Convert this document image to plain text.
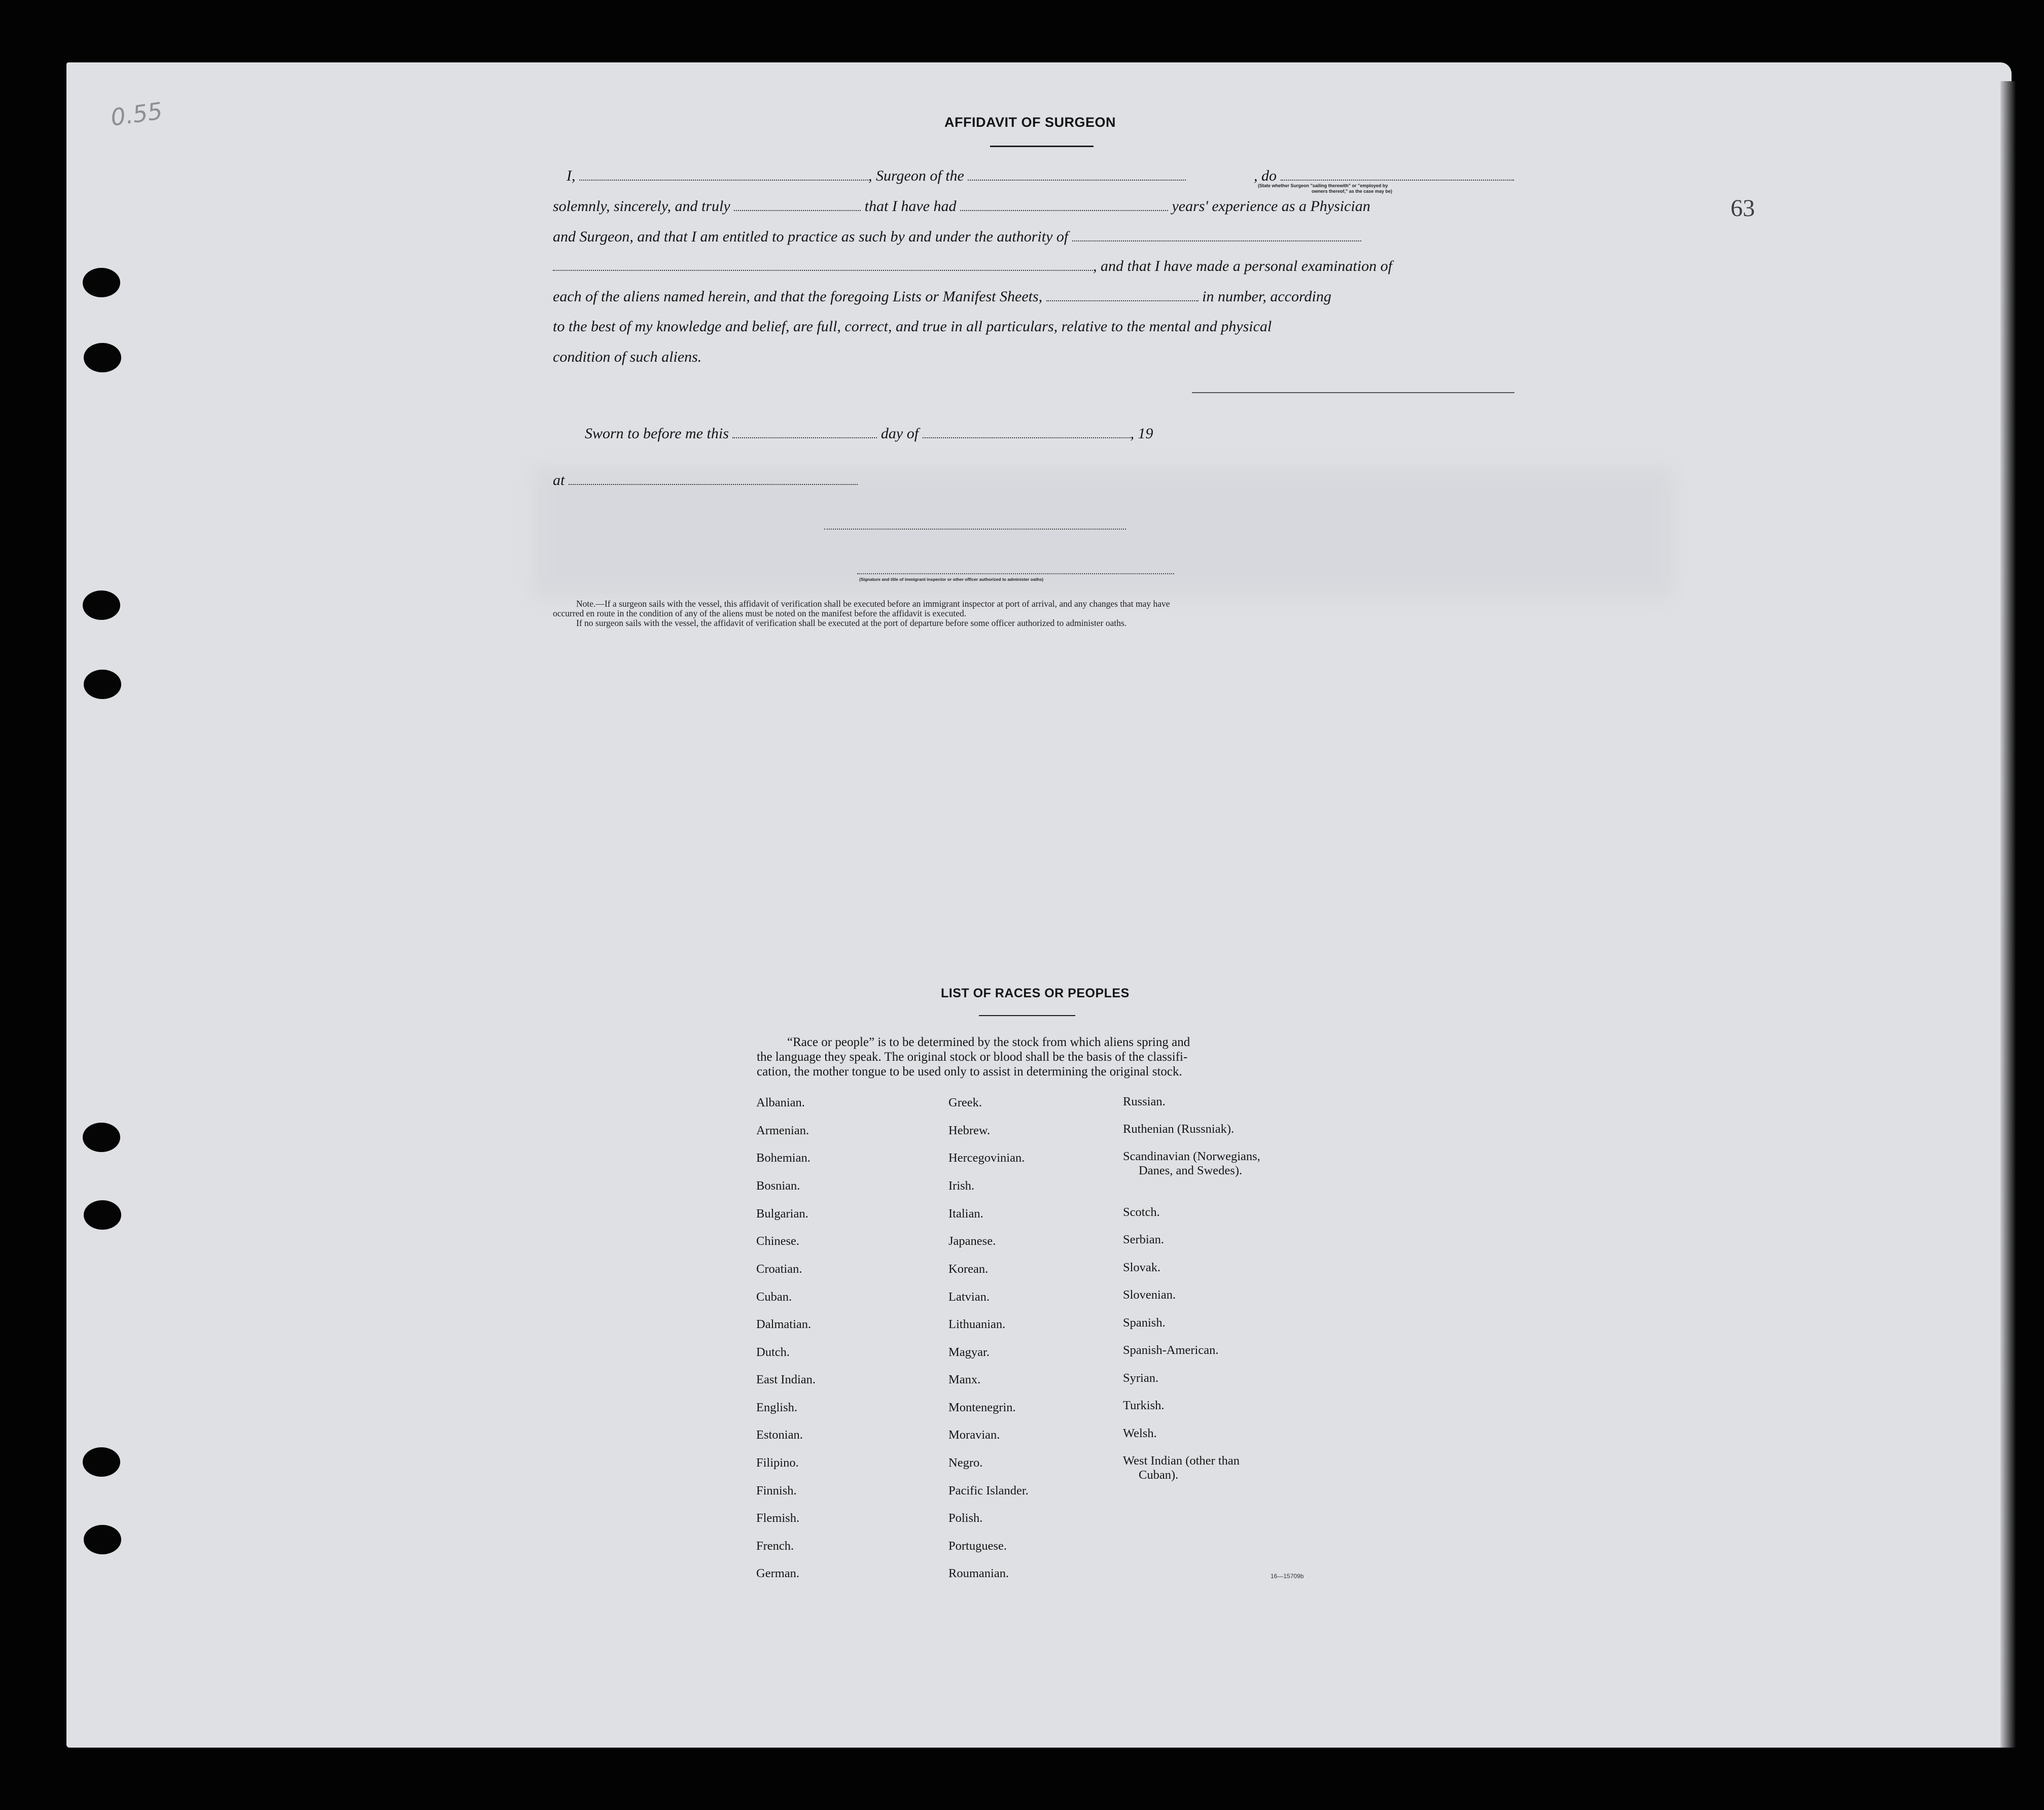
0.55
63
AFFIDAVIT OF SURGEON
I,	, Surgeon of the	, do
(State whether Surgeon "sailing therewith" or "employed by
owners thereof," as the case may be)
solemnly, sincerely, and truly	that I have had	years' experience as a Physician
and Surgeon, and that I am entitled to practice as such by and under the authority of
, and that I have made a personal examination of
each of the aliens named herein, and that the foregoing Lists or Manifest Sheets,	in number, according
to the best of my knowledge and belief, are full, correct, and true in all particulars, relative to the mental and physical
condition of such aliens.
Sworn to before me this	day of	, 19
at
(Signature and title of immigrant inspector or other officer authorized to administer oaths)
Note.—If a surgeon sails with the vessel, this affidavit of verification shall be executed before an immigrant inspector at port of arrival, and any changes that may have
occurred en route in the condition of any of the aliens must be noted on the manifest before the affidavit is executed.
If no surgeon sails with the vessel, the affidavit of verification shall be executed at the port of departure before some officer authorized to administer oaths.
LIST OF RACES OR PEOPLES
“Race or people” is to be determined by the stock from which aliens spring and
the language they speak. The original stock or blood shall be the basis of the classifi-
cation, the mother tongue to be used only to assist in determining the original stock.
Albanian.
Armenian.
Bohemian.
Bosnian.
Bulgarian.
Chinese.
Croatian.
Cuban.
Dalmatian.
Dutch.
East Indian.
English.
Estonian.
Filipino.
Finnish.
Flemish.
French.
German.
Greek.
Hebrew.
Hercegovinian.
Irish.
Italian.
Japanese.
Korean.
Latvian.
Lithuanian.
Magyar.
Manx.
Montenegrin.
Moravian.
Negro.
Pacific Islander.
Polish.
Portuguese.
Roumanian.
Russian.
Ruthenian (Russniak).
Scandinavian (Norwegians,
Danes, and Swedes).
Scotch.
Serbian.
Slovak.
Slovenian.
Spanish.
Spanish-American.
Syrian.
Turkish.
Welsh.
West Indian (other than
Cuban).
16—15709b
